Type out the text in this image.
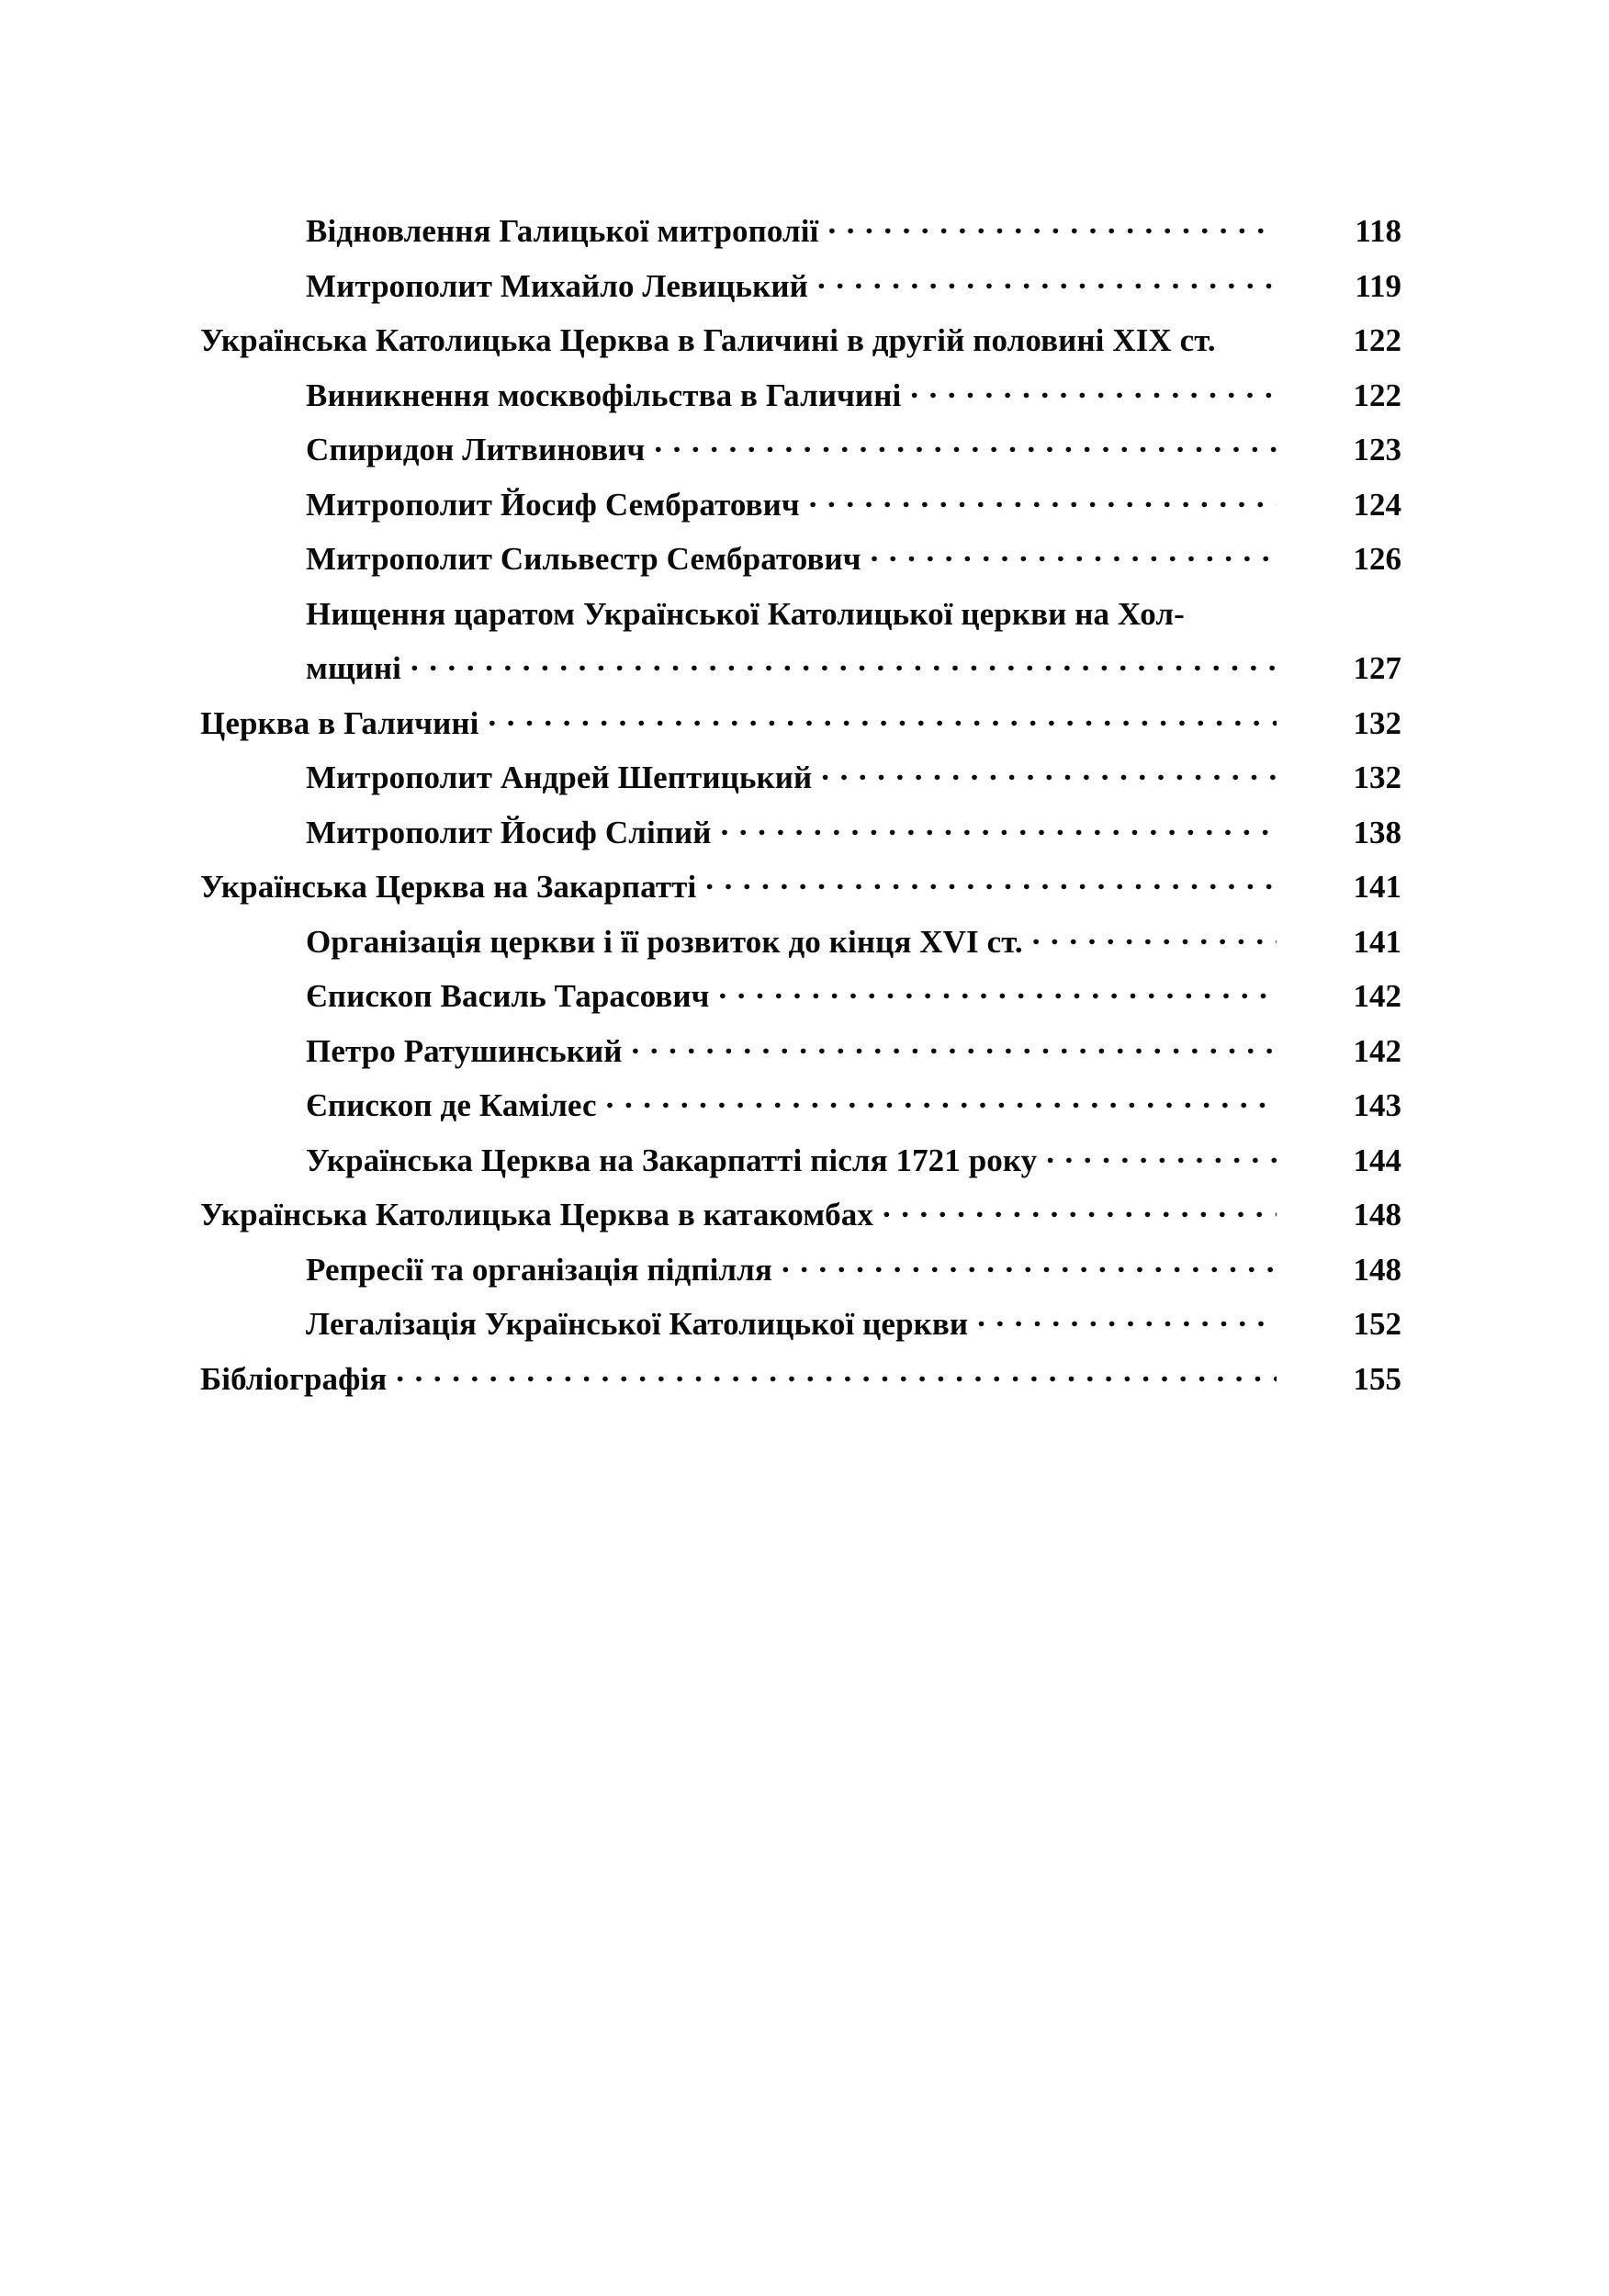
Відновлення Галицької митрополії . . .	118
Митрополит Михайло Левицький . . .	119
Українська Католицька Церква в Галичині в другій половині XIX ст.	122
Виникнення москвофільства в Галичині . . .	122
Спиридон Литвинович . . .	123
Митрополит Йосиф Сембратович . . .	124
Митрополит Сильвестр Сембратович . . .	126
Нищення царатом Української Католицької церкви на Хол-
мщині . . .	127
Церква в Галичині . . .	132
Митрополит Андрей Шептицький . . .	132
Митрополит Йосиф Сліпий . . .	138
Українська Церква на Закарпатті . . .	141
Організація церкви і її розвиток до кінця XVI ст. . . .	141
Єпископ Василь Тарасович . . .	142
Петро Ратушинський . . .	142
Єпископ де Камілес . . .	143
Українська Церква на Закарпатті після 1721 року . . .	144
Українська Католицька Церква в катакомбах . . .	148
Репресії та організація підпілля . . .	148
Легалізація Української Католицької церкви . . .	152
Бібліографія . . .	155
